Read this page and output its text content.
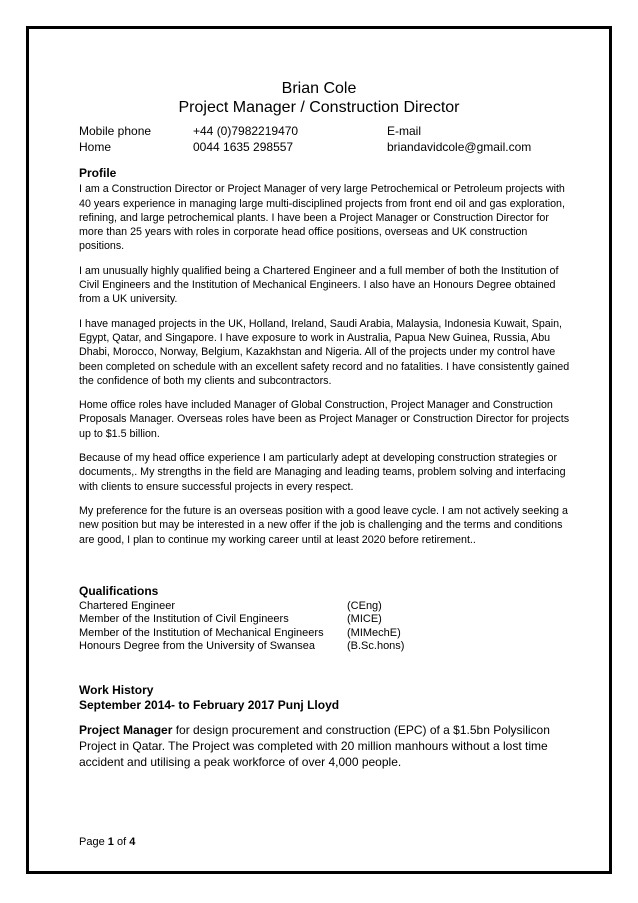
Brian Cole
Project Manager / Construction Director
Mobile phone	+44 (0)7982219470	E-mail
Home	0044 1635 298557	briandavidcole@gmail.com
Profile

I am a Construction Director or Project Manager of very large Petrochemical or Petroleum projects with 40 years experience in managing large multi-disciplined projects from front end oil and gas exploration, refining, and large petrochemical plants. I have been a Project Manager or Construction Director for more than 25 years with roles in corporate head office positions, overseas and UK construction positions.

I am unusually highly qualified being a Chartered Engineer and a full member of both the Institution of Civil Engineers and the Institution of Mechanical Engineers. I also have an Honours Degree obtained from a UK university.

I have managed projects in the UK, Holland, Ireland, Saudi Arabia, Malaysia, Indonesia Kuwait, Spain, Egypt, Qatar, and Singapore. I have exposure to work in Australia, Papua New Guinea, Russia, Abu Dhabi, Morocco, Norway, Belgium, Kazakhstan and Nigeria. All of the projects under my control have been completed on schedule with an excellent safety record and no fatalities. I have consistently gained the confidence of both my clients and subcontractors.

Home office roles have included Manager of Global Construction, Project Manager and Construction Proposals Manager. Overseas roles have been as Project Manager or Construction Director for projects up to $1.5 billion.

Because of my head office experience I am particularly adept at developing construction strategies or documents,. My strengths in the field are Managing and leading teams, problem solving and interfacing with clients to ensure successful projects in every respect.

My preference for the future is an overseas position with a good leave cycle. I am not actively seeking a new position but may be interested in a new offer if the job is challenging and the terms and conditions are good, I plan to continue my working career until at least 2020 before retirement..

Qualifications
Chartered Engineer	(CEng)
Member of the Institution of Civil Engineers	(MICE)
Member of the Institution of Mechanical Engineers	(MIMechE)
Honours Degree from the University of Swansea	(B.Sc.hons)
Work History
September 2014- to February 2017 Punj Lloyd
Project Manager for design procurement and construction (EPC) of a $1.5bn Polysilicon Project in Qatar. The Project was completed with 20 million manhours without a lost time accident and utilising a peak workforce of over 4,000 people.
Page 1 of 4
